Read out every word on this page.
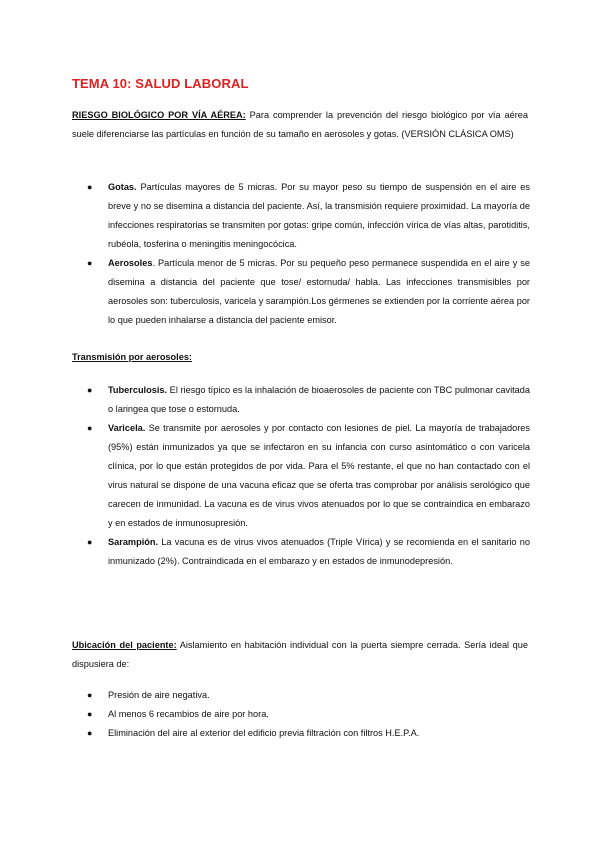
TEMA 10: SALUD LABORAL
RIESGO BIOLÓGICO POR VÍA AÉREA: Para comprender la prevención del riesgo biológico por vía aérea suele diferenciarse las partículas en función de su tamaño en aerosoles y gotas. (VERSIÓN CLÁSICA OMS)
● Gotas. Partículas mayores de 5 micras. Por su mayor peso su tiempo de suspensión en el aire es breve y no se disemina a distancia del paciente. Así, la transmisión requiere proximidad. La mayoría de infecciones respiratorias se transmiten por gotas: gripe común, infección vírica de vías altas, parotiditis, rubéola, tosferina o meningitis meningocócica.
● Aerosoles. Partícula menor de 5 micras. Por su pequeño peso permanece suspendida en el aire y se disemina a distancia del paciente que tose/ estornuda/ habla. Las infecciones transmisibles por aerosoles son: tuberculosis, varicela y sarampión.Los gérmenes se extienden por la corriente aérea por lo que pueden inhalarse a distancia del paciente emisor.
Transmisión por aerosoles:
● Tuberculosis. El riesgo típico es la inhalación de bioaerosoles de paciente con TBC pulmonar cavitada o laringea que tose o estornuda.
● Varicela. Se transmite por aerosoles y por contacto con lesiones de piel. La mayoría de trabajadores (95%) están inmunizados ya que se infectaron en su infancia con curso asintomático o con varicela clínica, por lo que están protegidos de por vida. Para el 5% restante, el que no han contactado con el virus natural se dispone de una vacuna eficaz que se oferta tras comprobar por análisis serológico que carecen de inmunidad. La vacuna es de virus vivos atenuados por lo que se contraindica en embarazo y en estados de inmunosupresión.
● Sarampión. La vacuna es de virus vivos atenuados (Triple Vírica) y se recomienda en el sanitario no inmunizado (2%). Contraindicada en el embarazo y en estados de inmunodepresión.
Ubicación del paciente: Aislamiento en habitación individual con la puerta siempre cerrada. Sería ideal que dispusiera de:
● Presión de aire negativa.
● Al menos 6 recambios de aire por hora.
● Eliminación del aire al exterior del edificio previa filtración con filtros H.E.P.A.
